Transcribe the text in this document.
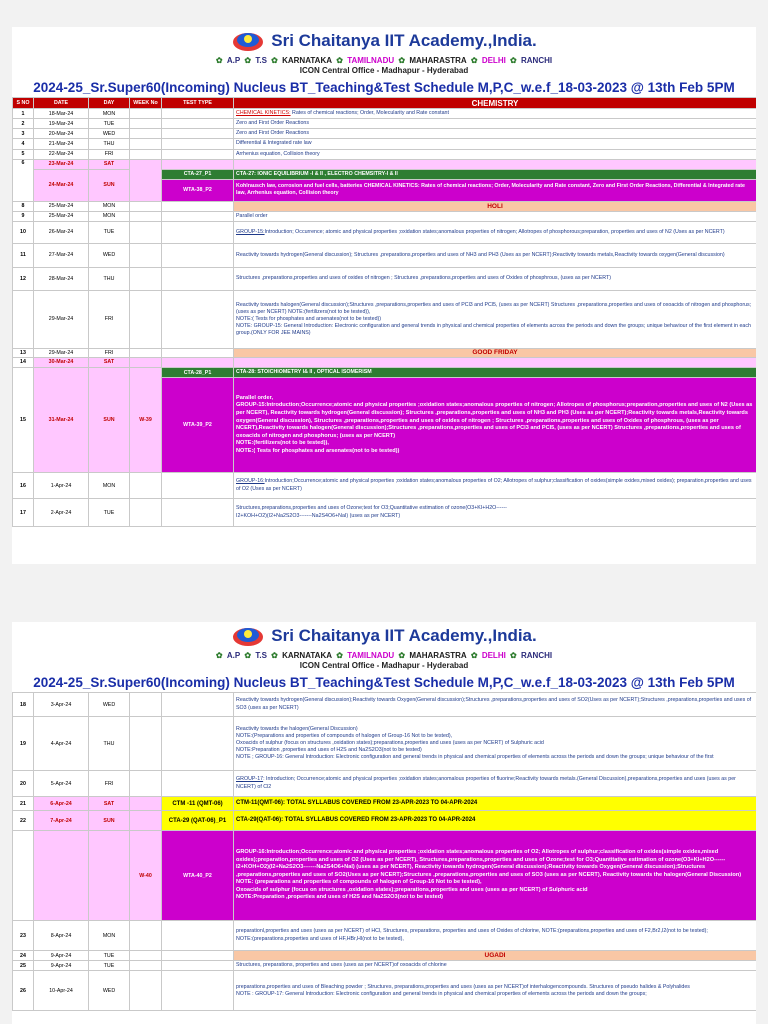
Sri Chaitanya IIT Academy.,India.
✿ A.P ✿ T.S ✿ KARNATAKA ✿ TAMILNADU ✿ MAHARASTRA ✿ DELHI ✿ RANCHI
ICON Central Office - Madhapur - Hyderabad
2024-25_Sr.Super60(Incoming) Nucleus BT_Teaching&Test Schedule M,P,C_w.e.f_18-03-2023 @ 13th Feb 5PM
S NO	DATE	DAY	WEEK No	TEST TYPE	CHEMISTRY
1	18-Mar-24	MON			CHEMICAL KINETICS: Rates of chemical reactions; Order, Molecularity and Rate constant
2	19-Mar-24	TUE			Zero and First Order Reactions
3	20-Mar-24	WED			Zero and First Order Reactions
4	21-Mar-24	THU			Differential & Integrated rate law
5	22-Mar-24	FRI			Arrhenius equation, Collision theory
6	23-Mar-24	SAT			
	24-Mar-24	SUN		CTA-27_P1	CTA-27: IONIC EQUILIBRIUM -I & II , ELECTRO CHEMSITRY-I & II
				WTA-38_P2	Kohlrausch law, corrosion and fuel cells, batteries CHEMICAL KINETICS: Rates of chemical reactions; Order, Molecularity and Rate constant, Zero and First Order Reactions, Differential & Integrated rate law, Arrhenius equation, Collision theory
8	25-Mar-24	MON			HOLI
9	25-Mar-24	MON			Parallel order
10	26-Mar-24	TUE			GROUP-15:Introduction; Occurrence; atomic and physical properties ;oxidation states;anomalous properties of nitrogen; Allotropes of phosphorous;preparation, properties and uses of N2 (Uses as per NCERT)
11	27-Mar-24	WED			Reactivity towards hydrogen(General discussion); Structures ,preparations,properties and uses of NH3 and PH3 (Uses as per NCERT);Reactivity towards metals,Reactivity towards oxygen(General discussion)
12	28-Mar-24	THU			Structures ,preparations,properties and uses of oxides of nitrogen ; Structures ,preparations,properties and uses of Oxides of phosphrous, (uses as per NCERT)
	29-Mar-24	FRI			Reactivity towards halogen(General discussion);Structures ,preparations,properties and uses of PCl3 and PCl5, (uses as per NCERT) Structures ,preparations,properties and uses of oxoacids of nitrogen and phosphorus; (uses as per NCERT) NOTE:(fertilizers(not to be tested)),
NOTE:( Tests for phosphates and arsenates(not to be tested))
NOTE: GROUP-15: General Introduction: Electronic configuration and general trends in physical and chemical properties of elements across the periods and down the groups; unique behaviour of the first element in each group.(ONLY FOR JEE MAINS)
13	29-Mar-24	FRI			GOOD FRIDAY
14	30-Mar-24	SAT			
15	31-Mar-24	SUN	W-39	CTA-28_P1	CTA-28: STOICHIOMETRY I& II , OPTICAL ISOMERISM
				WTA-39_P2	Parallel order,
GROUP-15:Introduction;Occurrence;atomic and physical properties ;oxidation states;anomalous properties of nitrogen; Allotropes of phosphorus;preparation,properties and uses of N2 (Uses as per NCERT), Reactivity towards hydrogen(General discussion); Structures ,preparations,properties and uses of NH3 and PH3 (Uses as per NCERT);Reactivity towards metals,Reactivity towards oxygen(General discussion), Structures ,preparations,properties and uses of oxides of nitrogen ; Structures ,preparations,properties and uses of Oxides of phosphrous, (uses as per NCERT),Reactivity towards halogen(General discussion);Structures ,preparations,properties and uses of PCl3 and PCl5, (uses as per NCERT) Structures ,preparations,properties and uses of oxoacids of nitrogen and phosphorus; (uses as per NCERT)
NOTE:(fertilizers(not to be tested)),
NOTE:( Tests for phosphates and arsenates(not to be tested))
16	1-Apr-24	MON			GROUP-16:Introduction;Occurrence;atomic and physical properties ;oxidation states;anomalous properties of O2; Allotropes of sulphur;classification of oxides(simple oxides,mixed oxides); preparation,properties and uses of O2 (Uses as per NCERT)
17	2-Apr-24	TUE			Structures,preparations,properties and uses of Ozone;test for O3;Quantitative estimation of ozone(O3+KI+H2O------
I2+KOH+O2)(I2+Na2S2O3-------Na2S4O6+NaI) (uses as per NCERT)
Sri Chaitanya IIT Academy.,India.
✿ A.P ✿ T.S ✿ KARNATAKA ✿ TAMILNADU ✿ MAHARASTRA ✿ DELHI ✿ RANCHI
ICON Central Office - Madhapur - Hyderabad
2024-25_Sr.Super60(Incoming) Nucleus BT_Teaching&Test Schedule M,P,C_w.e.f_18-03-2023 @ 13th Feb 5PM
18	3-Apr-24	WED			Reactivity towards hydrogen(General discussion);Reactivity towards Oxygen(General discussion);Structures ,preparations,properties and uses of SO2(Uses as per NCERT);Structures ,preparations,properties and uses of SO3 (uses as per NCERT)
19	4-Apr-24	THU			Reactivity towards the halogen(General Discussion)
NOTE:(Preparations and properties of compounds of halogen of Group-16 Not to be tested),
Oxoacids of sulphur (focus on structures ,oxidation states);preparations,properties and uses (uses as per NCERT) of Sulphuric acid
NOTE:Preparation ,properties and uses of H2S and Na2S2O3(not to be tested)
NOTE ; GROUP-16: General Introduction: Electronic configuration and general trends in physical and chemical properties of elements across the periods and down the groups; unique behaviour of the first
20	5-Apr-24	FRI			GROUP-17: Introduction; Occurrence;atomic and physical properties ;oxidation states;anomalous properties of fluorine;Reactivity towards metals.(General Discussion),preparations,properties and uses (uses as per NCERT) of Cl2
21	6-Apr-24	SAT		CTM -11 (QMT-06)	CTM-11(QMT-06): TOTAL SYLLABUS COVERED FROM 23-APR-2023 TO 04-APR-2024
22	7-Apr-24	SUN		CTA-29 (QAT-06)_P1	CTA-29(QAT-06): TOTAL SYLLABUS COVERED FROM 23-APR-2023 TO 04-APR-2024
			W-40	WTA-40_P2	GROUP-16:Introduction;Occurrence;atomic and physical properties ;oxidation states;anomalous properties of O2; Allotropes of sulphur;classification of oxides(simple oxides,mixed oxides);preparation,properties and uses of O2 (Uses as per NCERT), Structures,preparations,properties and uses of Ozone;test for O3;Quantitative estimation of ozone(O3+KI+H2O------ I2+KOH+O2)(I2+Na2S2O3-------Na2S4O6+NaI) (uses as per NCERT), Reactivity towards hydrogen(General discussion);Reactivity towards Oxygen(General discussion);Structures ,preparations,properties and uses of SO2(Uses as per NCERT);Structures ,preparations,properties and uses of SO3 (uses as per NCERT), Reactivity towards the halogen(General Discussion)
NOTE: (preparations and properties of compounds of halogen of Group-16 Not to be tested),
Oxoacids of sulphur (focus on structures ,oxidation states);preparations,properties and uses (uses as per NCERT) of Sulphuric acid
NOTE:Preparation ,properties and uses of H2S and Na2S2O3(not to be tested)
23	8-Apr-24	MON			preparationl,properties and uses (uses as per NCERT) of HCl, Structures, preparations, properties and uses of Oxides of chlorine, NOTE:(preparations,properties and uses of F2,Br2,I2(not to be tested);
NOTE:(preparations,properties and uses of HF,HBr,HI(not to be tested),
24	9-Apr-24	TUE			UGADI
25	9-Apr-24	TUE			Structures, preparations, properties and uses (uses as per NCERT)of oxoacids of chlorine
26	10-Apr-24	WED			preparations,properties and uses of Bleaching powder ; Structures, preparations,properties and uses (uses as per NCERT)of interhalogencompounds. Structures of pseudo halides & Polyhalides
NOTE : GROUP-17: General Introduction: Electronic configuration and general trends in physical and chemical properties of elements across the periods and down the groups;
